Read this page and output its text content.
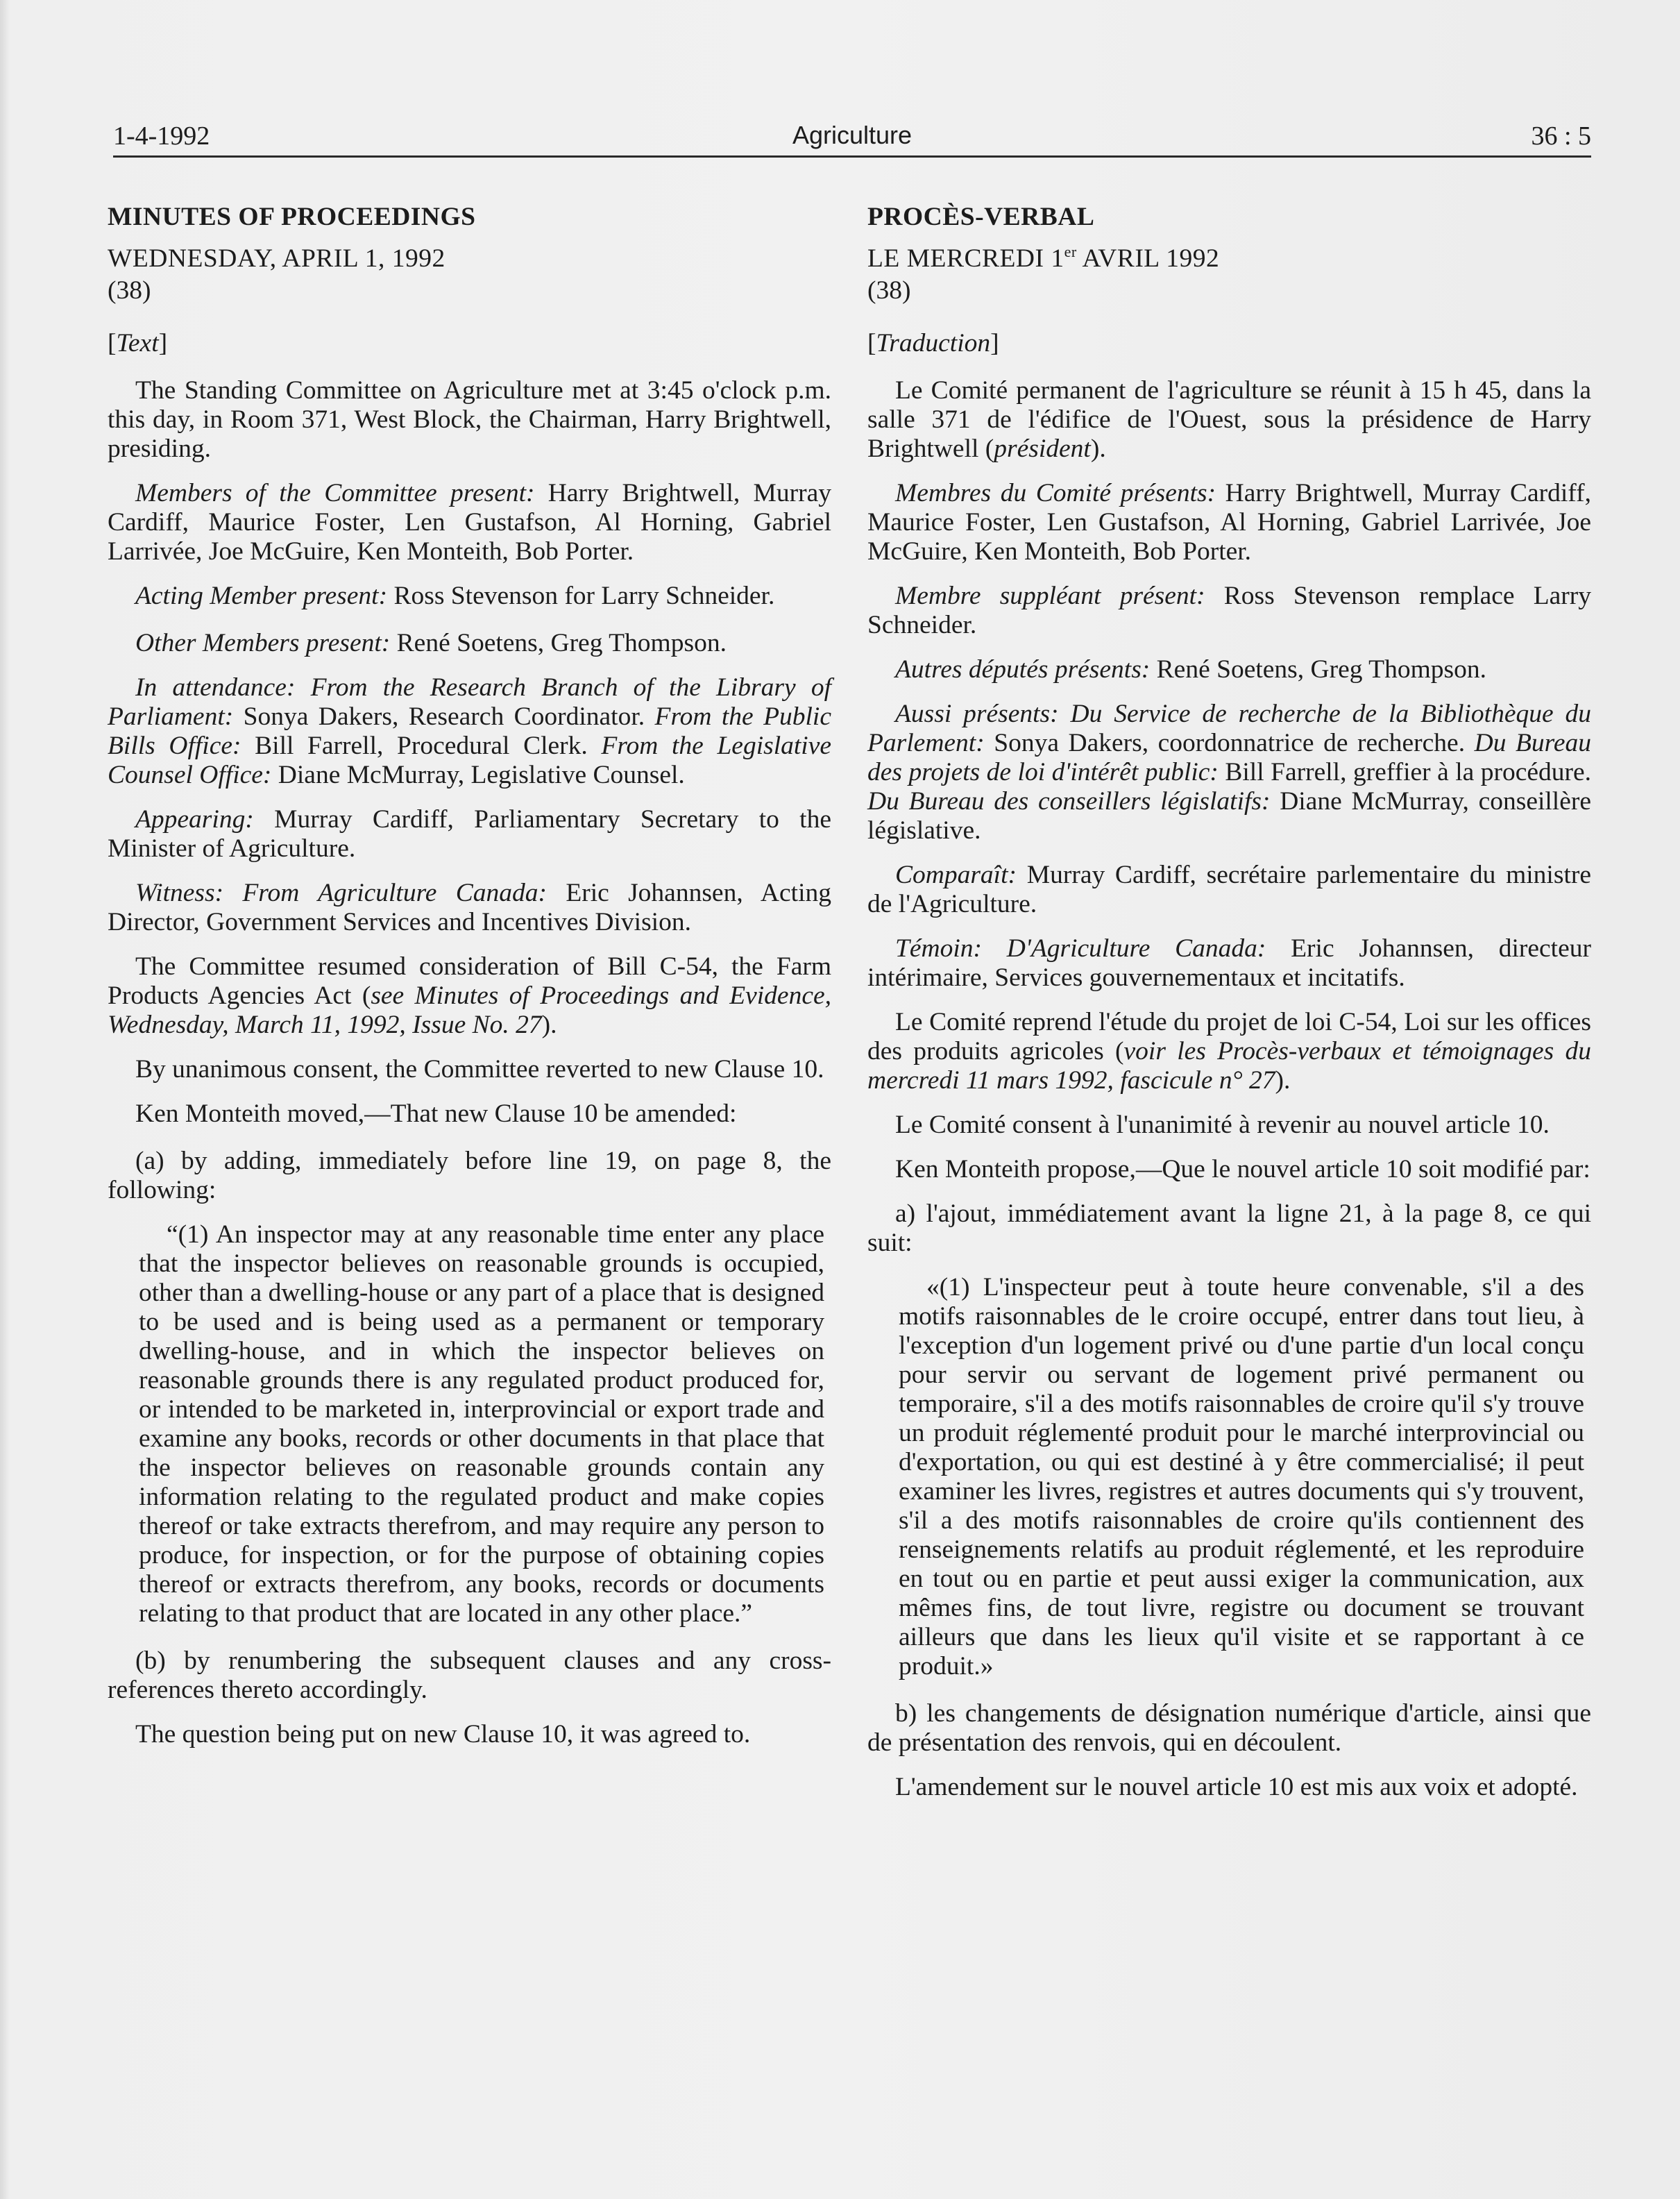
1-4-1992	Agriculture	36 : 5

MINUTES OF PROCEEDINGS

WEDNESDAY, APRIL 1, 1992

(38)

[Text]

The Standing Committee on Agriculture met at 3:45 o'clock p.m. this day, in Room 371, West Block, the Chairman, Harry Brightwell, presiding.

Members of the Committee present: Harry Brightwell, Murray Cardiff, Maurice Foster, Len Gustafson, Al Horning, Gabriel Larrivée, Joe McGuire, Ken Monteith, Bob Porter.

Acting Member present: Ross Stevenson for Larry Schneider.

Other Members present: René Soetens, Greg Thompson.

In attendance: From the Research Branch of the Library of Parliament: Sonya Dakers, Research Coordinator. From the Public Bills Office: Bill Farrell, Procedural Clerk. From the Legislative Counsel Office: Diane McMurray, Legislative Counsel.

Appearing: Murray Cardiff, Parliamentary Secretary to the Minister of Agriculture.

Witness: From Agriculture Canada: Eric Johannsen, Acting Director, Government Services and Incentives Division.

The Committee resumed consideration of Bill C-54, the Farm Products Agencies Act (see Minutes of Proceedings and Evidence, Wednesday, March 11, 1992, Issue No. 27).

By unanimous consent, the Committee reverted to new Clause 10.

Ken Monteith moved,—That new Clause 10 be amended:

(a) by adding, immediately before line 19, on page 8, the following:

“(1) An inspector may at any reasonable time enter any place that the inspector believes on reasonable grounds is occupied, other than a dwelling-house or any part of a place that is designed to be used and is being used as a permanent or temporary dwelling-house, and in which the inspector believes on reasonable grounds there is any regulated product produced for, or intended to be marketed in, interprovincial or export trade and examine any books, records or other documents in that place that the inspector believes on reasonable grounds contain any information relating to the regulated product and make copies thereof or take extracts therefrom, and may require any person to produce, for inspection, or for the purpose of obtaining copies thereof or extracts therefrom, any books, records or documents relating to that product that are located in any other place.”

(b) by renumbering the subsequent clauses and any cross-references thereto accordingly.

The question being put on new Clause 10, it was agreed to.

PROCÈS-VERBAL

LE MERCREDI 1er AVRIL 1992

(38)

[Traduction]

Le Comité permanent de l'agriculture se réunit à 15 h 45, dans la salle 371 de l'édifice de l'Ouest, sous la présidence de Harry Brightwell (président).

Membres du Comité présents: Harry Brightwell, Murray Cardiff, Maurice Foster, Len Gustafson, Al Horning, Gabriel Larrivée, Joe McGuire, Ken Monteith, Bob Porter.

Membre suppléant présent: Ross Stevenson remplace Larry Schneider.

Autres députés présents: René Soetens, Greg Thompson.

Aussi présents: Du Service de recherche de la Bibliothèque du Parlement: Sonya Dakers, coordonnatrice de recherche. Du Bureau des projets de loi d'intérêt public: Bill Farrell, greffier à la procédure. Du Bureau des conseillers législatifs: Diane McMurray, conseillère législative.

Comparaît: Murray Cardiff, secrétaire parlementaire du ministre de l'Agriculture.

Témoin: D'Agriculture Canada: Eric Johannsen, directeur intérimaire, Services gouvernementaux et incitatifs.

Le Comité reprend l'étude du projet de loi C-54, Loi sur les offices des produits agricoles (voir les Procès-verbaux et témoignages du mercredi 11 mars 1992, fascicule n° 27).

Le Comité consent à l'unanimité à revenir au nouvel article 10.

Ken Monteith propose,—Que le nouvel article 10 soit modifié par:

a) l'ajout, immédiatement avant la ligne 21, à la page 8, ce qui suit:

«(1) L'inspecteur peut à toute heure convenable, s'il a des motifs raisonnables de le croire occupé, entrer dans tout lieu, à l'exception d'un logement privé ou d'une partie d'un local conçu pour servir ou servant de logement privé permanent ou temporaire, s'il a des motifs raisonnables de croire qu'il s'y trouve un produit réglementé produit pour le marché interprovincial ou d'exportation, ou qui est destiné à y être commercialisé; il peut examiner les livres, registres et autres documents qui s'y trouvent, s'il a des motifs raisonnables de croire qu'ils contiennent des renseignements relatifs au produit réglementé, et les reproduire en tout ou en partie et peut aussi exiger la communication, aux mêmes fins, de tout livre, registre ou document se trouvant ailleurs que dans les lieux qu'il visite et se rapportant à ce produit.»

b) les changements de désignation numérique d'article, ainsi que de présentation des renvois, qui en découlent.

L'amendement sur le nouvel article 10 est mis aux voix et adopté.
